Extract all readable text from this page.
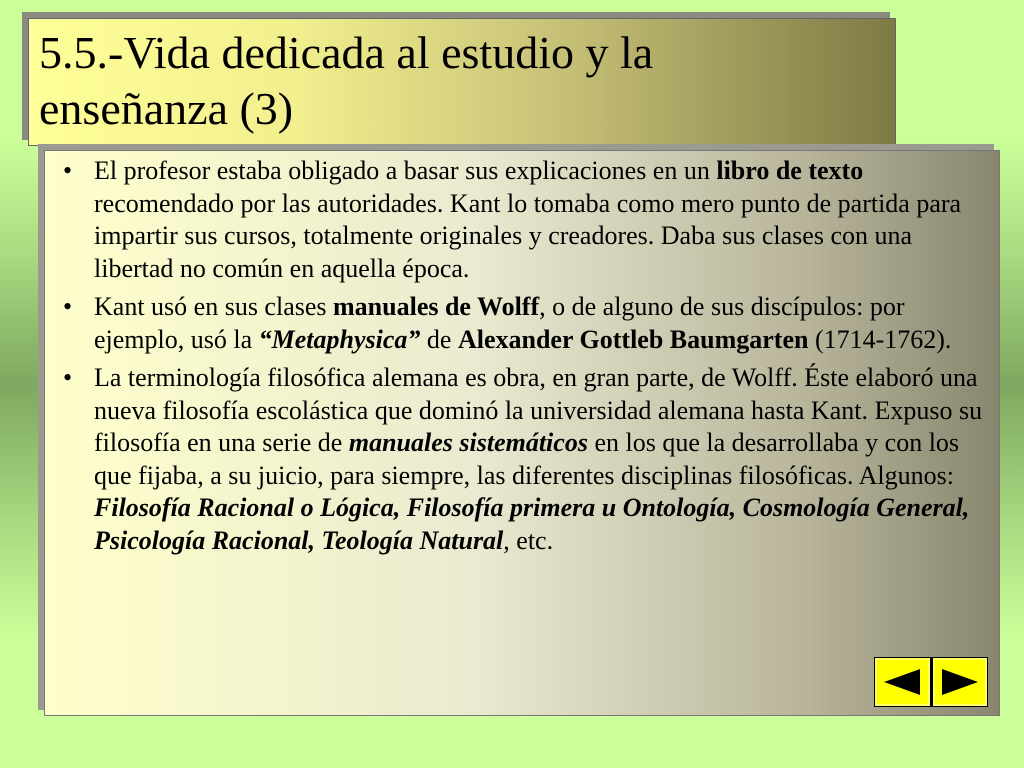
5.5.-Vida dedicada al estudio y la
enseñanza (3)
• El profesor estaba obligado a basar sus explicaciones en un libro de texto recomendado por las autoridades. Kant lo tomaba como mero punto de partida para impartir sus cursos, totalmente originales y creadores. Daba sus clases con una libertad no común en aquella época.
• Kant usó en sus clases manuales de Wolff, o de alguno de sus discípulos: por ejemplo, usó la “Metaphysica” de Alexander Gottleb Baumgarten (1714-1762).
• La terminología filosófica alemana es obra, en gran parte, de Wolff. Éste elaboró una nueva filosofía escolástica que dominó la universidad alemana hasta Kant. Expuso su filosofía en una serie de manuales sistemáticos en los que la desarrollaba y con los que fijaba, a su juicio, para siempre, las diferentes disciplinas filosóficas. Algunos: Filosofía Racional o Lógica, Filosofía primera u Ontología, Cosmología General, Psicología Racional, Teología Natural, etc.
